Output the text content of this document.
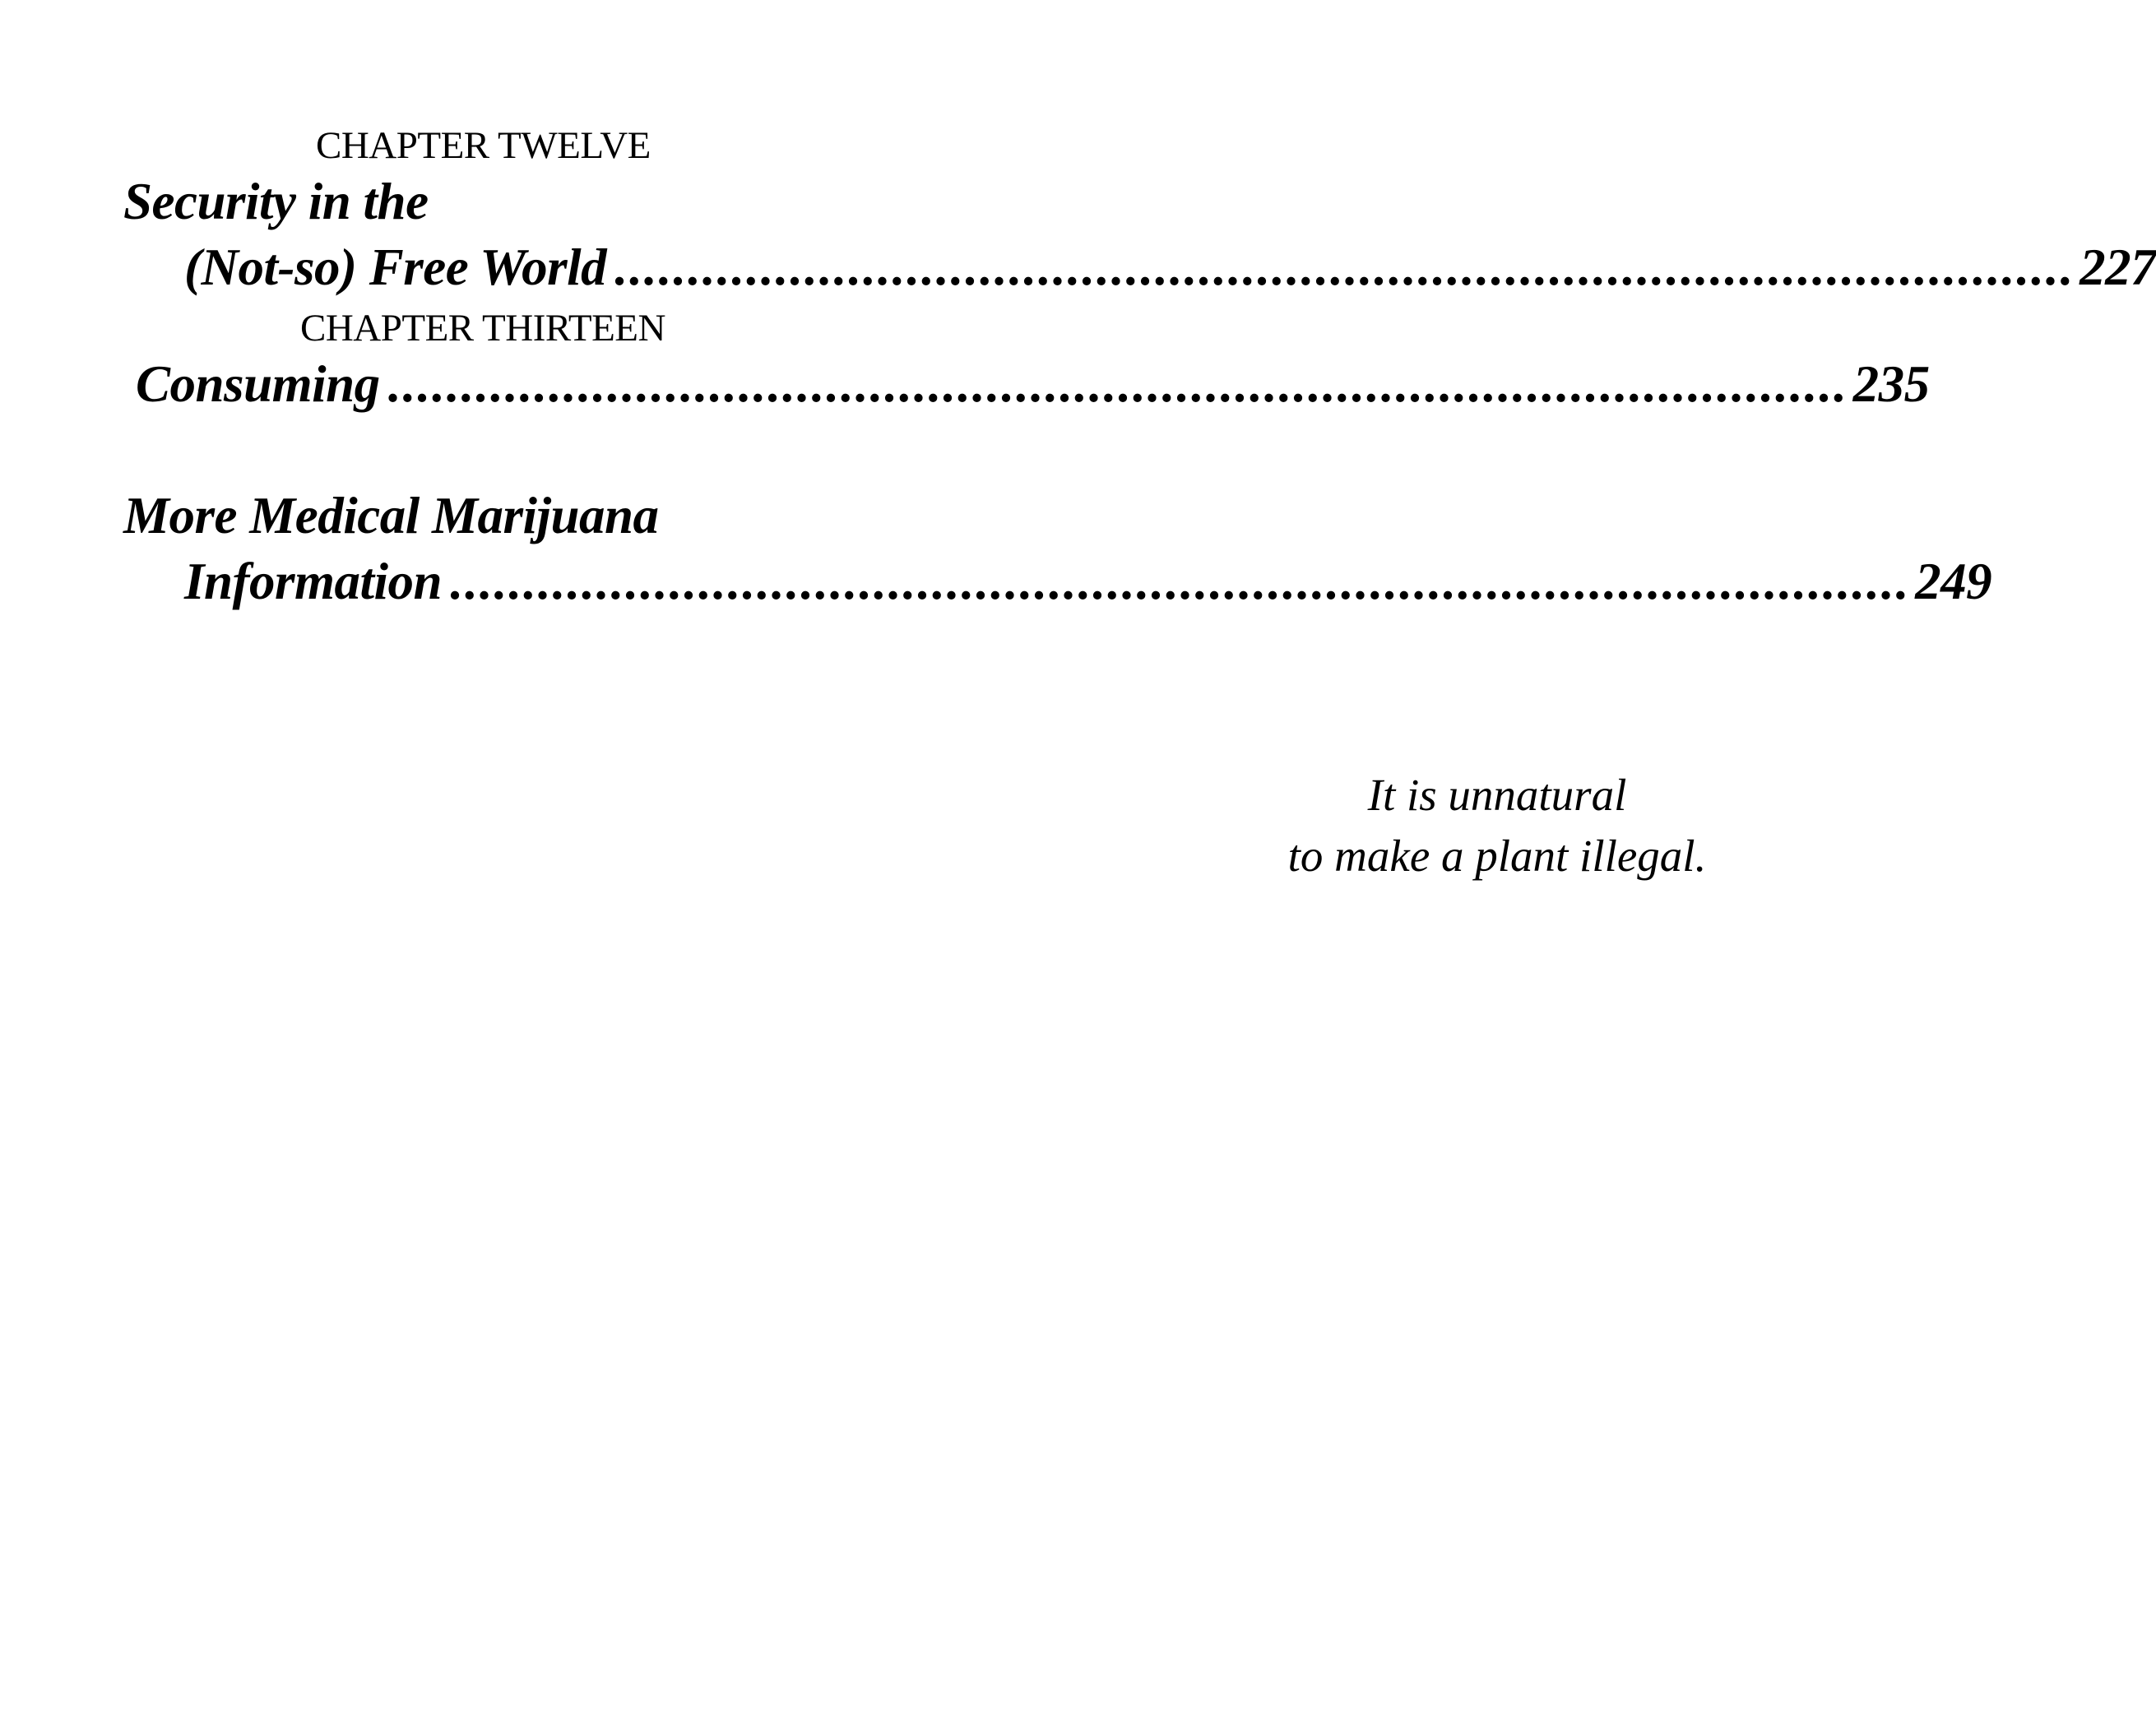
CHAPTER TWELVE
Security in the
(Not-so) Free World .................................................................................................... 227
CHAPTER THIRTEEN
Consuming .................................................................................................... 235
More Medical Marijuana
Information .................................................................................................... 249
It is unnatural
to make a plant illegal.
